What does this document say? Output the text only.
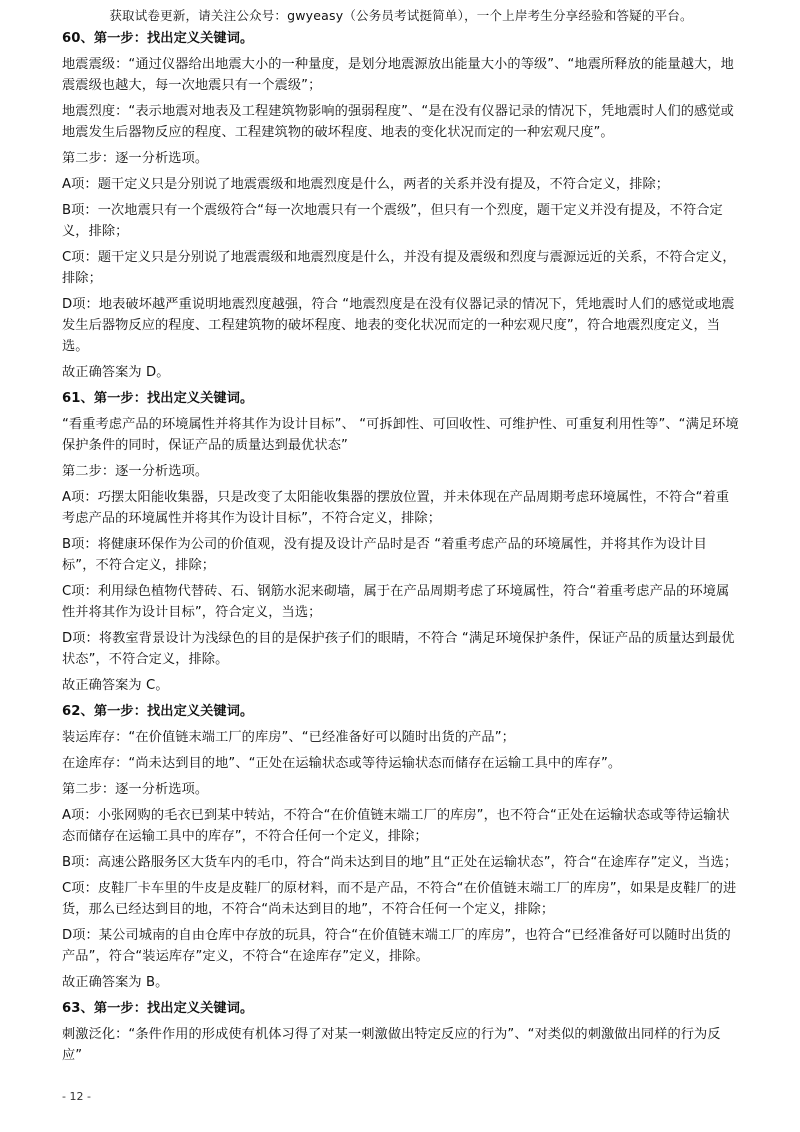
获取试卷更新，请关注公众号：gwyeasy（公务员考试挺简单），一个上岸考生分享经验和答疑的平台。

60、第一步：找出定义关键词。

地震震级：“通过仪器给出地震大小的一种量度，是划分地震源放出能量大小的等级”、“地震所释放的能量越大，地震震级也越大，每一次地震只有一个震级”；

地震烈度：“表示地震对地表及工程建筑物影响的强弱程度”、“是在没有仪器记录的情况下，凭地震时人们的感觉或地震发生后器物反应的程度、工程建筑物的破坏程度、地表的变化状况而定的一种宏观尺度”。

第二步：逐一分析选项。

A项：题干定义只是分别说了地震震级和地震烈度是什么，两者的关系并没有提及，不符合定义，排除；

B项：一次地震只有一个震级符合“每一次地震只有一个震级”，但只有一个烈度，题干定义并没有提及，不符合定义，排除；

C项：题干定义只是分别说了地震震级和地震烈度是什么，并没有提及震级和烈度与震源远近的关系，不符合定义，排除；

D项：地表破坏越严重说明地震烈度越强，符合 “地震烈度是在没有仪器记录的情况下，凭地震时人们的感觉或地震发生后器物反应的程度、工程建筑物的破坏程度、地表的变化状况而定的一种宏观尺度”，符合地震烈度定义，当选。

故正确答案为 D。

61、第一步：找出定义关键词。

“看重考虑产品的环境属性并将其作为设计目标”、 “可拆卸性、可回收性、可维护性、可重复利用性等”、“满足环境保护条件的同时，保证产品的质量达到最优状态”

第二步：逐一分析选项。

A项：巧摆太阳能收集器，只是改变了太阳能收集器的摆放位置，并未体现在产品周期考虑环境属性，不符合“着重考虑产品的环境属性并将其作为设计目标”，不符合定义，排除；

B项：将健康环保作为公司的价值观，没有提及设计产品时是否 “着重考虑产品的环境属性，并将其作为设计目标”，不符合定义，排除；

C项：利用绿色植物代替砖、石、钢筋水泥来砌墙，属于在产品周期考虑了环境属性，符合“着重考虑产品的环境属性并将其作为设计目标”，符合定义，当选；

D项：将教室背景设计为浅绿色的目的是保护孩子们的眼睛，不符合 “满足环境保护条件，保证产品的质量达到最优状态”，不符合定义，排除。

故正确答案为 C。

62、第一步：找出定义关键词。

装运库存：“在价值链末端工厂的库房”、“已经准备好可以随时出货的产品”；

在途库存：“尚未达到目的地”、“正处在运输状态或等待运输状态而储存在运输工具中的库存”。

第二步：逐一分析选项。

A项：小张网购的毛衣已到某中转站，不符合“在价值链末端工厂的库房”，也不符合“正处在运输状态或等待运输状态而储存在运输工具中的库存”，不符合任何一个定义，排除；

B项：高速公路服务区大货车内的毛巾，符合“尚未达到目的地”且“正处在运输状态”，符合“在途库存”定义，当选；

C项：皮鞋厂卡车里的牛皮是皮鞋厂的原材料，而不是产品，不符合“在价值链末端工厂的库房”，如果是皮鞋厂的进货，那么已经达到目的地，不符合“尚未达到目的地”，不符合任何一个定义，排除；

D项：某公司城南的自由仓库中存放的玩具，符合“在价值链末端工厂的库房”，也符合“已经准备好可以随时出货的产品”，符合“装运库存”定义，不符合“在途库存”定义，排除。

故正确答案为 B。

63、第一步：找出定义关键词。

刺激泛化：“条件作用的形成使有机体习得了对某一刺激做出特定反应的行为”、“对类似的刺激做出同样的行为反应”

- 12 -
